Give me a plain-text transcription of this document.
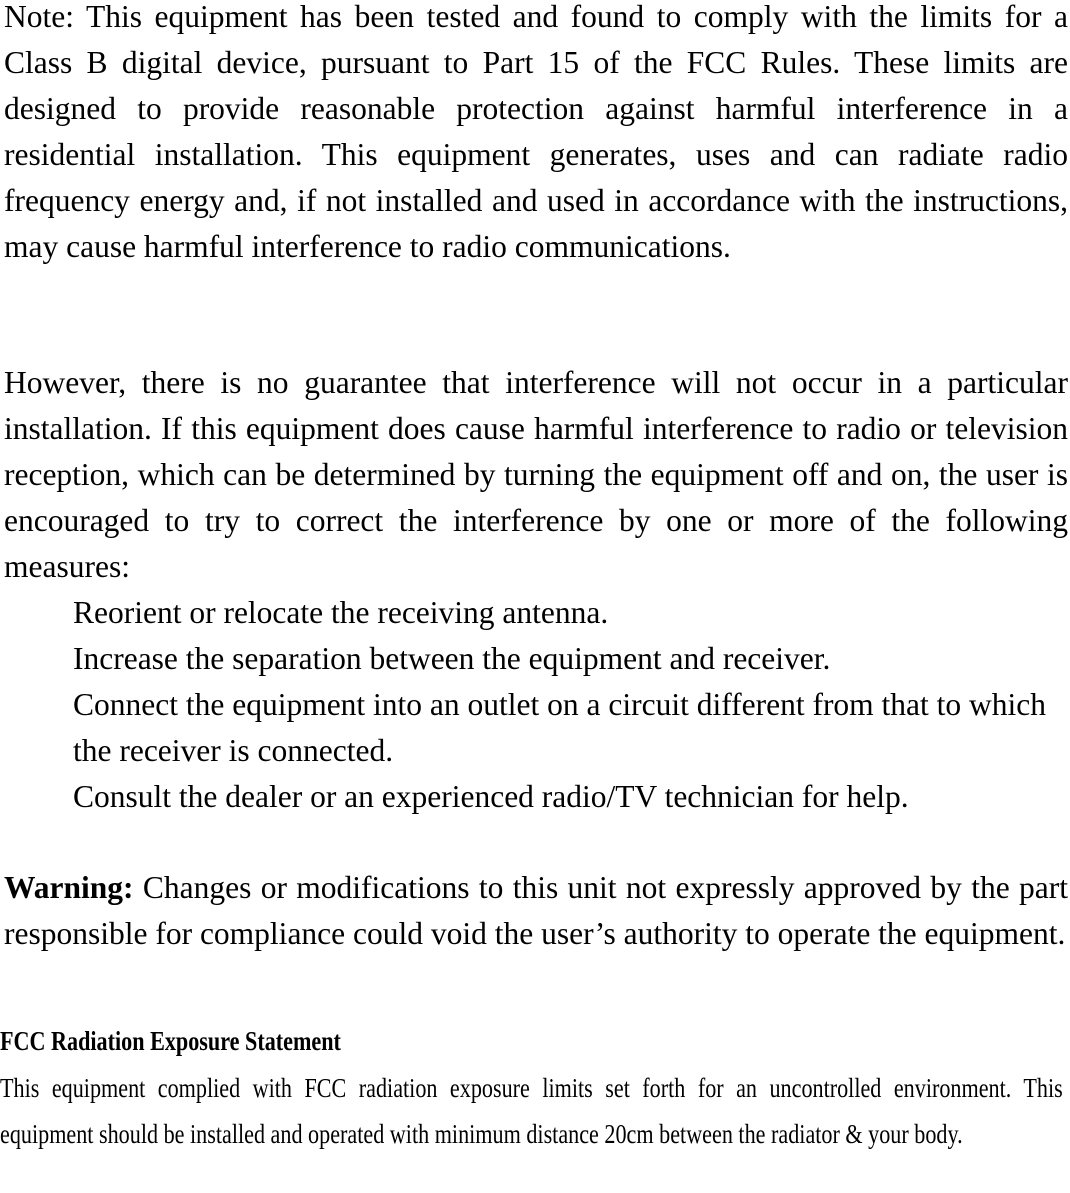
Note: This equipment has been tested and found to comply with the limits for a Class B digital device, pursuant to Part 15 of the FCC Rules. These limits are designed to provide reasonable protection against harmful interference in a residential installation. This equipment generates, uses and can radiate radio frequency energy and, if not installed and used in accordance with the instructions, may cause harmful interference to radio communications.

However, there is no guarantee that interference will not occur in a particular installation. If this equipment does cause harmful interference to radio or television reception, which can be determined by turning the equipment off and on, the user is encouraged to try to correct the interference by one or more of the following measures:

Reorient or relocate the receiving antenna.
Increase the separation between the equipment and receiver.
Connect the equipment into an outlet on a circuit different from that to which the receiver is connected.
Consult the dealer or an experienced radio/TV technician for help.

Warning: Changes or modifications to this unit not expressly approved by the part responsible for compliance could void the user’s authority to operate the equipment.

FCC Radiation Exposure Statement

This equipment complied with FCC radiation exposure limits set forth for an uncontrolled environment. This equipment should be installed and operated with minimum distance 20cm between the radiator & your body.
